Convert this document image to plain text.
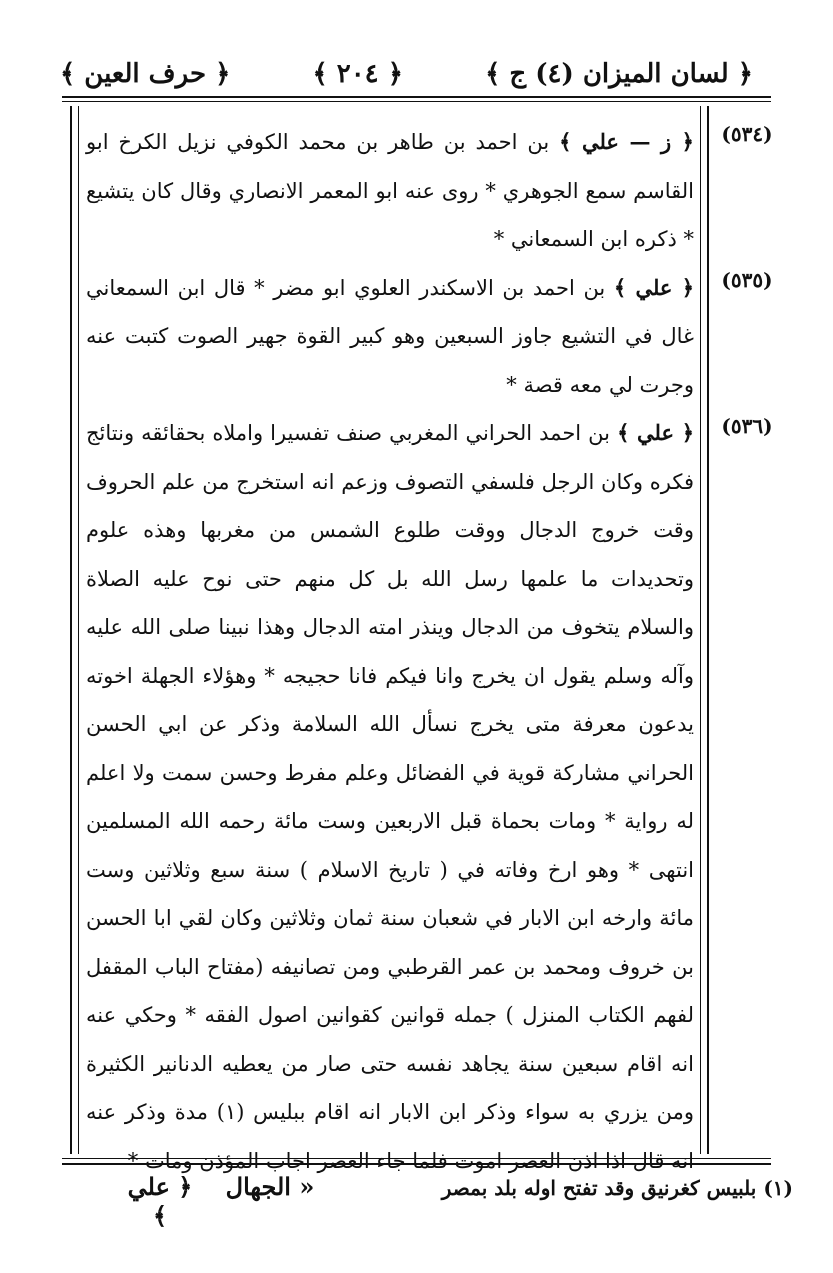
﴿ لسان الميزان (٤) ج ﴾
﴿ ٢٠٤ ﴾
﴿ حرف العين ﴾
(٥٣٤)
(٥٣٥)
(٥٣٦)

﴿ ز — علي ﴾ بن احمد بن طاهر بن محمد الكوفي نزيل الكرخ ابو القاسم سمع الجوهري * روى عنه ابو المعمر الانصاري وقال كان يتشيع * ذكره ابن السمعاني *

﴿ علي ﴾ بن احمد بن الاسكندر العلوي ابو مضر * قال ابن السمعاني غال في التشيع جاوز السبعين وهو كبير القوة جهير الصوت كتبت عنه وجرت لي معه قصة *

﴿ علي ﴾ بن احمد الحراني المغربي صنف تفسيرا واملاه بحقائقه ونتائج فكره وكان الرجل فلسفي التصوف وزعم انه استخرج من علم الحروف وقت خروج الدجال ووقت طلوع الشمس من مغربها وهذه علوم وتحديدات ما علمها رسل الله بل كل منهم حتى نوح عليه الصلاة والسلام يتخوف من الدجال وينذر امته الدجال وهذا نبينا صلى الله عليه وآله وسلم يقول ان يخرج وانا فيكم فانا حجيجه * وهؤلاء الجهلة اخوته يدعون معرفة متى يخرج نسأل الله السلامة وذكر عن ابي الحسن الحراني مشاركة قوية في الفضائل وعلم مفرط وحسن سمت ولا اعلم له رواية * ومات بحماة قبل الاربعين وست مائة رحمه الله المسلمين انتهى * وهو ارخ وفاته في ( تاريخ الاسلام ) سنة سبع وثلاثين وست مائة وارخه ابن الابار في شعبان سنة ثمان وثلاثين وكان لقي ابا الحسن بن خروف ومحمد بن عمر القرطبي ومن تصانيفه (مفتاح الباب المقفل لفهم الكتاب المنزل ) جمله قوانين كقوانين اصول الفقه * وحكي عنه انه اقام سبعين سنة يجاهد نفسه حتى صار من يعطيه الدنانير الكثيرة ومن يزري به سواء وذكر ابن الابار انه اقام ببليس (١) مدة وذكر عنه انه قال اذا اذن العصر اموت فلما جاء العصر اجاب المؤذن ومات *

(١) بلبيس كغرنيق وقد تفتح اوله بلد بمصر
« الجهال
﴿ علي ﴾
